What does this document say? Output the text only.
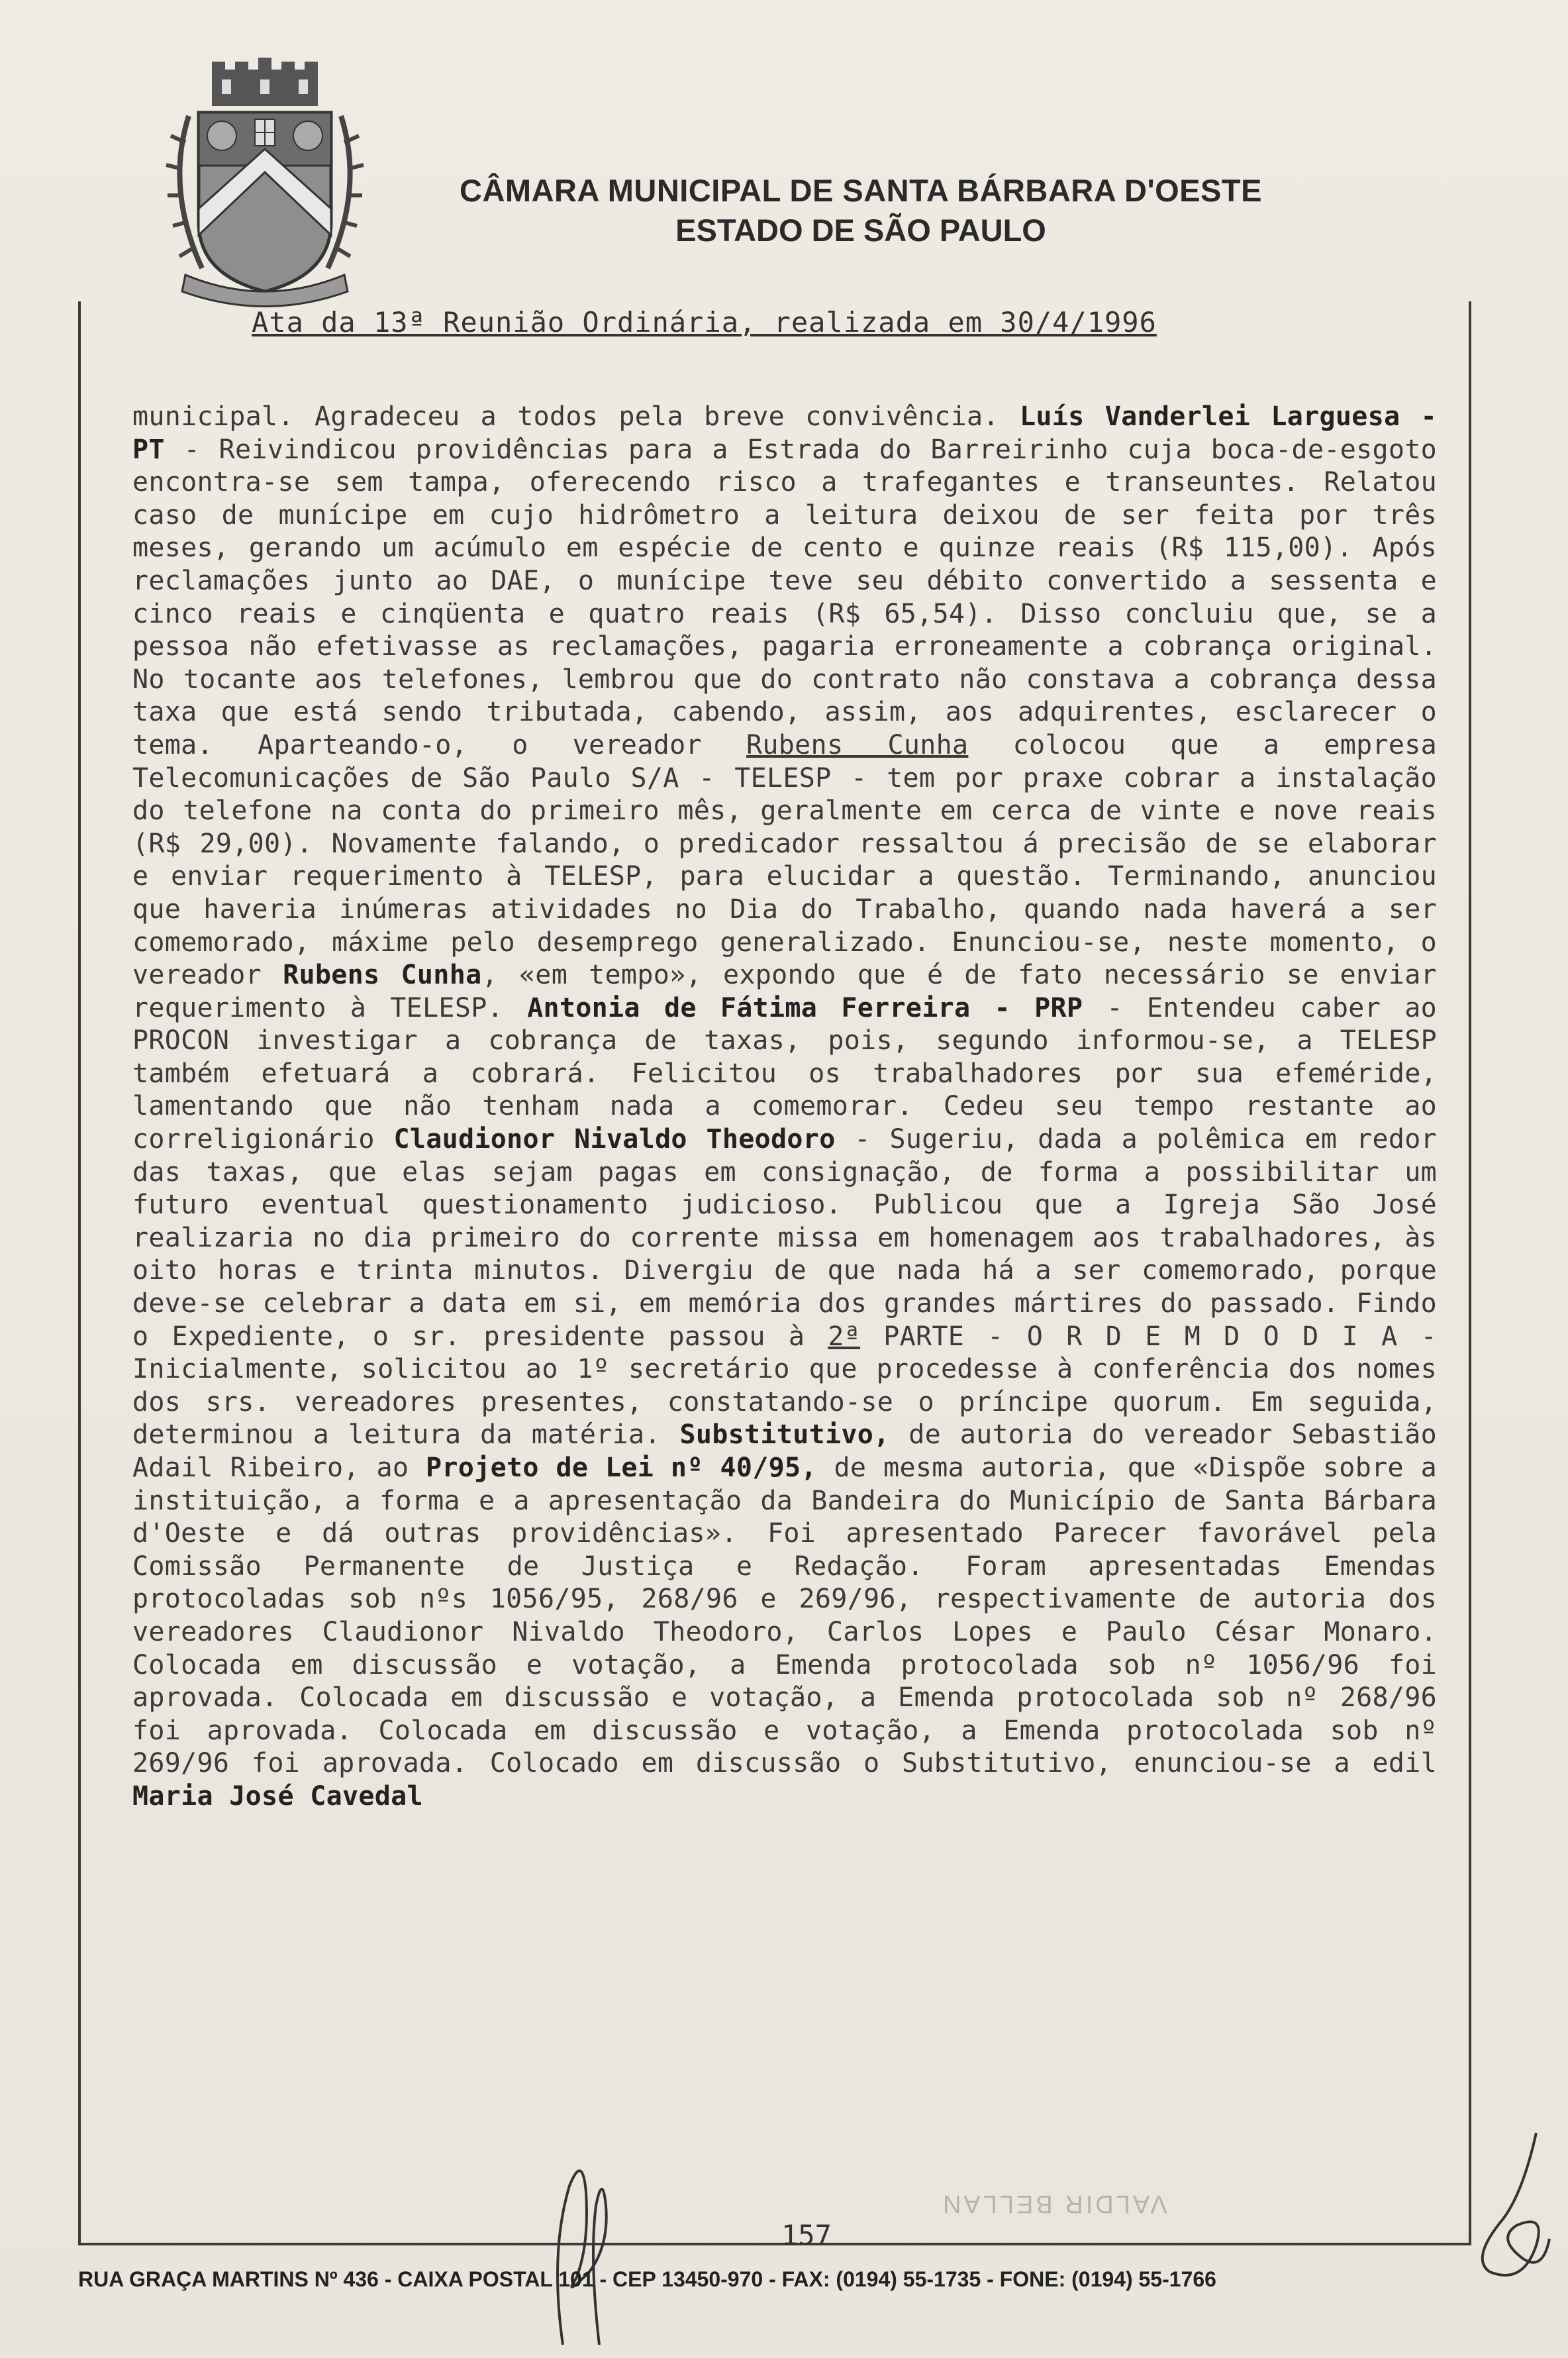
CÂMARA MUNICIPAL DE SANTA BÁRBARA D'OESTE
ESTADO DE SÃO PAULO
Ata da 13ª Reunião Ordinária, realizada em 30/4/1996
municipal. Agradeceu a todos pela breve convivência. Luís Vanderlei Larguesa - PT - Reivindicou providências para a Estrada do Barreirinho cuja boca-de-esgoto encontra-se sem tampa, oferecendo risco a trafegantes e transeuntes. Relatou caso de munícipe em cujo hidrômetro a leitura deixou de ser feita por três meses, gerando um acúmulo em espécie de cento e quinze reais (R$ 115,00). Após reclamações junto ao DAE, o munícipe teve seu débito convertido a sessenta e cinco reais e cinqüenta e quatro reais (R$ 65,54). Disso concluiu que, se a pessoa não efetivasse as reclamações, pagaria erroneamente a cobrança original. No tocante aos telefones, lembrou que do contrato não constava a cobrança dessa taxa que está sendo tributada, cabendo, assim, aos adquirentes, esclarecer o tema. Aparteando-o, o vereador Rubens Cunha colocou que a empresa Telecomunicações de São Paulo S/A - TELESP - tem por praxe cobrar a instalação do telefone na conta do primeiro mês, geralmente em cerca de vinte e nove reais (R$ 29,00). Novamente falando, o predicador ressaltou á precisão de se elaborar e enviar requerimento à TELESP, para elucidar a questão. Terminando, anunciou que haveria inúmeras atividades no Dia do Trabalho, quando nada haverá a ser comemorado, máxime pelo desemprego generalizado. Enunciou-se, neste momento, o vereador Rubens Cunha, «em tempo», expondo que é de fato necessário se enviar requerimento à TELESP. Antonia de Fátima Ferreira - PRP - Entendeu caber ao PROCON investigar a cobrança de taxas, pois, segundo informou-se, a TELESP também efetuará a cobrará. Felicitou os trabalhadores por sua efeméride, lamentando que não tenham nada a comemorar. Cedeu seu tempo restante ao correligionário Claudionor Nivaldo Theodoro - Sugeriu, dada a polêmica em redor das taxas, que elas sejam pagas em consignação, de forma a possibilitar um futuro eventual questionamento judicioso. Publicou que a Igreja São José realizaria no dia primeiro do corrente missa em homenagem aos trabalhadores, às oito horas e trinta minutos. Divergiu de que nada há a ser comemorado, porque deve-se celebrar a data em si, em memória dos grandes mártires do passado. Findo o Expediente, o sr. presidente passou à 2ª PARTE - O R D E M D O D I A - Inicialmente, solicitou ao 1º secretário que procedesse à conferência dos nomes dos srs. vereadores presentes, constatando-se o príncipe quorum. Em seguida, determinou a leitura da matéria. Substitutivo, de autoria do vereador Sebastião Adail Ribeiro, ao Projeto de Lei nº 40/95, de mesma autoria, que «Dispõe sobre a instituição, a forma e a apresentação da Bandeira do Município de Santa Bárbara d'Oeste e dá outras providências». Foi apresentado Parecer favorável pela Comissão Permanente de Justiça e Redação. Foram apresentadas Emendas protocoladas sob nºs 1056/95, 268/96 e 269/96, respectivamente de autoria dos vereadores Claudionor Nivaldo Theodoro, Carlos Lopes e Paulo César Monaro. Colocada em discussão e votação, a Emenda protocolada sob nº 1056/96 foi aprovada. Colocada em discussão e votação, a Emenda protocolada sob nº 268/96 foi aprovada. Colocada em discussão e votação, a Emenda protocolada sob nº 269/96 foi aprovada. Colocado em discussão o Substitutivo, enunciou-se a edil Maria José Cavedal
VALDIR BELLAN
157
RUA GRAÇA MARTINS Nº 436 - CAIXA POSTAL 101 - CEP 13450-970 - FAX: (0194) 55-1735 - FONE: (0194) 55-1766
